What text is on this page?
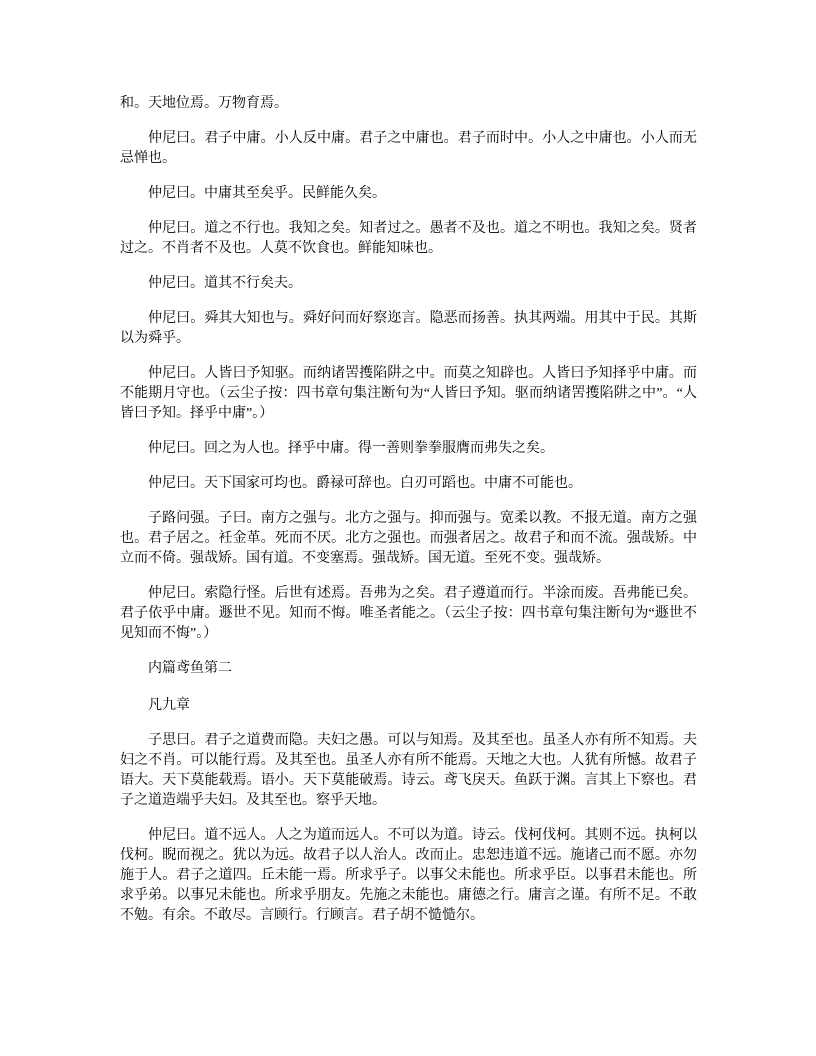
和。天地位焉。万物育焉。

仲尼曰。君子中庸。小人反中庸。君子之中庸也。君子而时中。小人之中庸也。小人而无忌惮也。

仲尼曰。中庸其至矣乎。民鲜能久矣。

仲尼曰。道之不行也。我知之矣。知者过之。愚者不及也。道之不明也。我知之矣。贤者过之。不肖者不及也。人莫不饮食也。鲜能知味也。

仲尼曰。道其不行矣夫。

仲尼曰。舜其大知也与。舜好问而好察迩言。隐恶而扬善。执其两端。用其中于民。其斯以为舜乎。

仲尼曰。人皆曰予知驱。而纳诸罟擭陷阱之中。而莫之知辟也。人皆曰予知择乎中庸。而不能期月守也。（云尘子按：四书章句集注断句为“人皆曰予知。驱而纳诸罟擭陷阱之中”。“人皆曰予知。择乎中庸”。）

仲尼曰。回之为人也。择乎中庸。得一善则拳拳服膺而弗失之矣。

仲尼曰。天下国家可均也。爵禄可辞也。白刃可蹈也。中庸不可能也。

子路问强。子曰。南方之强与。北方之强与。抑而强与。宽柔以教。不报无道。南方之强也。君子居之。衽金革。死而不厌。北方之强也。而强者居之。故君子和而不流。强哉矫。中立而不倚。强哉矫。国有道。不变塞焉。强哉矫。国无道。至死不变。强哉矫。

仲尼曰。索隐行怪。后世有述焉。吾弗为之矣。君子遵道而行。半涂而废。吾弗能已矣。君子依乎中庸。遯世不见。知而不悔。唯圣者能之。（云尘子按：四书章句集注断句为“遯世不见知而不悔”。）

内篇鸢鱼第二

凡九章

子思曰。君子之道费而隐。夫妇之愚。可以与知焉。及其至也。虽圣人亦有所不知焉。夫妇之不肖。可以能行焉。及其至也。虽圣人亦有所不能焉。天地之大也。人犹有所憾。故君子语大。天下莫能载焉。语小。天下莫能破焉。诗云。鸢飞戾天。鱼跃于渊。言其上下察也。君子之道造端乎夫妇。及其至也。察乎天地。

仲尼曰。道不远人。人之为道而远人。不可以为道。诗云。伐柯伐柯。其则不远。执柯以伐柯。睨而视之。犹以为远。故君子以人治人。改而止。忠恕违道不远。施诸己而不愿。亦勿施于人。君子之道四。丘未能一焉。所求乎子。以事父未能也。所求乎臣。以事君未能也。所求乎弟。以事兄未能也。所求乎朋友。先施之未能也。庸德之行。庸言之谨。有所不足。不敢不勉。有余。不敢尽。言顾行。行顾言。君子胡不慥慥尔。
